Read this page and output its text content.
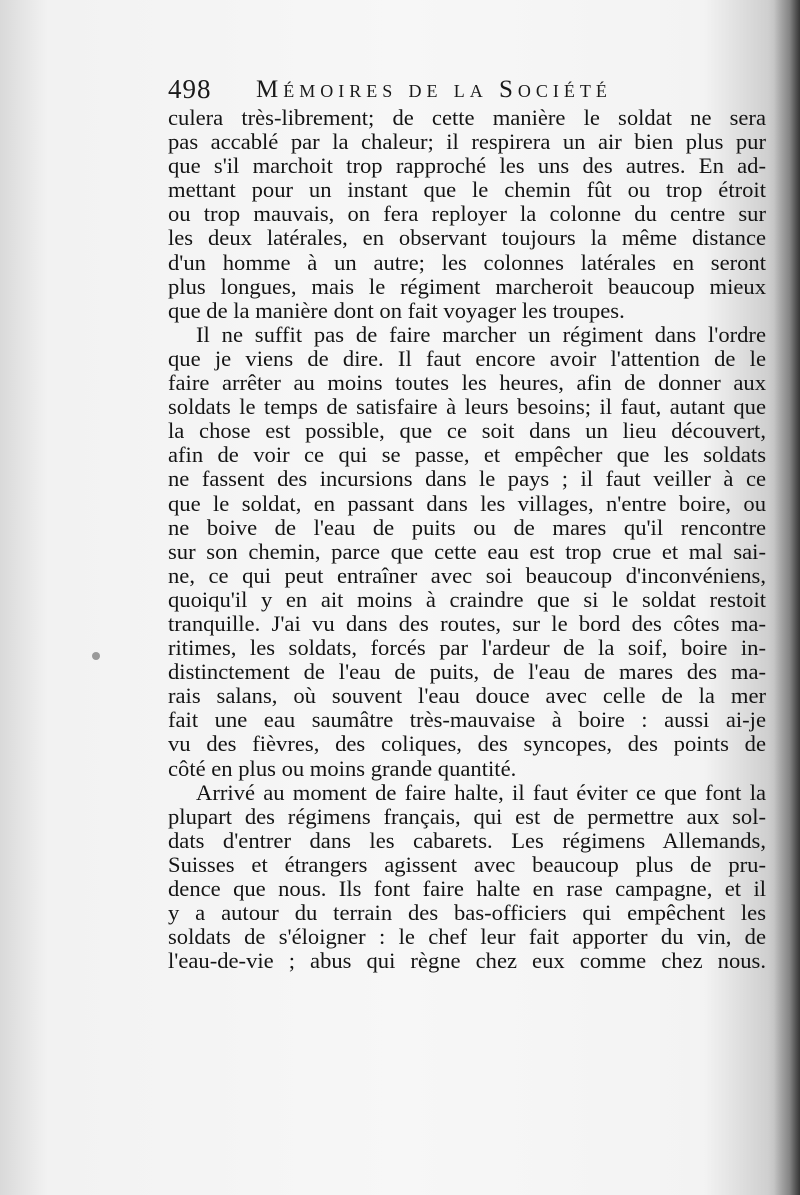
498 Mémoires de la Société
culera très-librement; de cette manière le soldat ne sera
pas accablé par la chaleur; il respirera un air bien plus pur
que s'il marchoit trop rapproché les uns des autres. En ad-
mettant pour un instant que le chemin fût ou trop étroit
ou trop mauvais, on fera reployer la colonne du centre sur
les deux latérales, en observant toujours la même distance
d'un homme à un autre; les colonnes latérales en seront
plus longues, mais le régiment marcheroit beaucoup mieux
que de la manière dont on fait voyager les troupes.
Il ne suffit pas de faire marcher un régiment dans l'ordre
que je viens de dire. Il faut encore avoir l'attention de le
faire arrêter au moins toutes les heures, afin de donner aux
soldats le temps de satisfaire à leurs besoins; il faut, autant que
la chose est possible, que ce soit dans un lieu découvert,
afin de voir ce qui se passe, et empêcher que les soldats
ne fassent des incursions dans le pays ; il faut veiller à ce
que le soldat, en passant dans les villages, n'entre boire, ou
ne boive de l'eau de puits ou de mares qu'il rencontre
sur son chemin, parce que cette eau est trop crue et mal sai-
ne, ce qui peut entraîner avec soi beaucoup d'inconvéniens,
quoiqu'il y en ait moins à craindre que si le soldat restoit
tranquille. J'ai vu dans des routes, sur le bord des côtes ma-
ritimes, les soldats, forcés par l'ardeur de la soif, boire in-
distinctement de l'eau de puits, de l'eau de mares des ma-
rais salans, où souvent l'eau douce avec celle de la mer
fait une eau saumâtre très-mauvaise à boire : aussi ai-je
vu des fièvres, des coliques, des syncopes, des points de
côté en plus ou moins grande quantité.
Arrivé au moment de faire halte, il faut éviter ce que font la
plupart des régimens français, qui est de permettre aux sol-
dats d'entrer dans les cabarets. Les régimens Allemands,
Suisses et étrangers agissent avec beaucoup plus de pru-
dence que nous. Ils font faire halte en rase campagne, et il
y a autour du terrain des bas-officiers qui empêchent les
soldats de s'éloigner : le chef leur fait apporter du vin, de
l'eau-de-vie ; abus qui règne chez eux comme chez nous.
